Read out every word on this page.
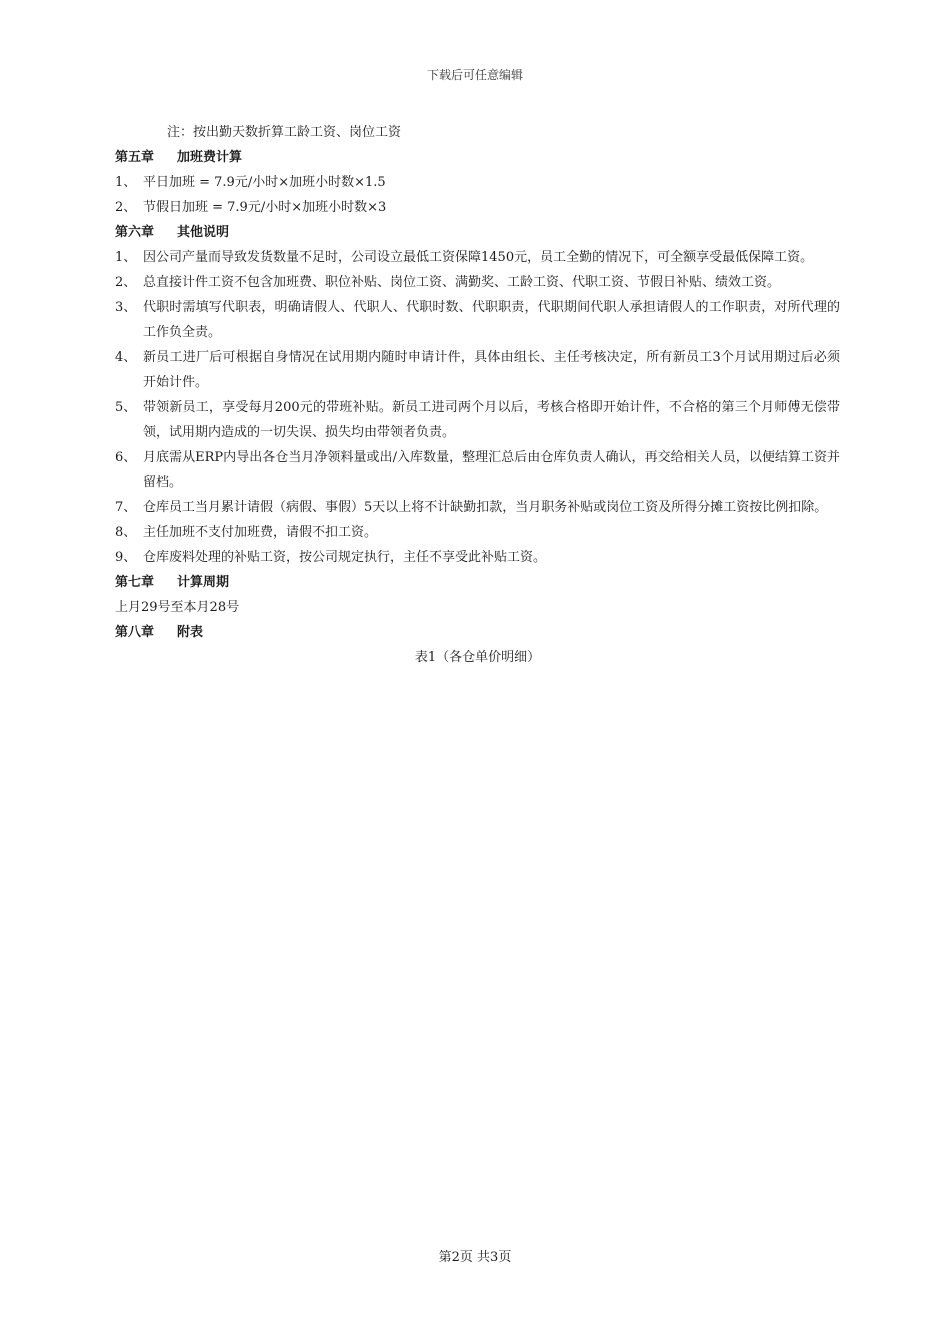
下载后可任意编辑
注：按出勤天数折算工龄工资、岗位工资
第五章 加班费计算
1、 平日加班 = 7.9元/小时×加班小时数×1.5
2、 节假日加班 = 7.9元/小时×加班小时数×3
第六章 其他说明
1、 因公司产量而导致发货数量不足时，公司设立最低工资保障1450元，员工全勤的情况下，可全额享受最低保障工资。
2、 总直接计件工资不包含加班费、职位补贴、岗位工资、满勤奖、工龄工资、代职工资、节假日补贴、绩效工资。
3、 代职时需填写代职表，明确请假人、代职人、代职时数、代职职责，代职期间代职人承担请假人的工作职责，对所代理的工作负全责。
4、 新员工进厂后可根据自身情况在试用期内随时申请计件，具体由组长、主任考核决定，所有新员工3个月试用期过后必须开始计件。
5、 带领新员工，享受每月200元的带班补贴。新员工进司两个月以后，考核合格即开始计件，不合格的第三个月师傅无偿带领，试用期内造成的一切失误、损失均由带领者负责。
6、 月底需从ERP内导出各仓当月净领料量或出/入库数量，整理汇总后由仓库负责人确认，再交给相关人员，以便结算工资并留档。
7、 仓库员工当月累计请假（病假、事假）5天以上将不计缺勤扣款，当月职务补贴或岗位工资及所得分摊工资按比例扣除。
8、 主任加班不支付加班费，请假不扣工资。
9、 仓库废料处理的补贴工资，按公司规定执行，主任不享受此补贴工资。
第七章 计算周期
上月29号至本月28号
第八章 附表
表1（各仓单价明细）
第2页 共3页
